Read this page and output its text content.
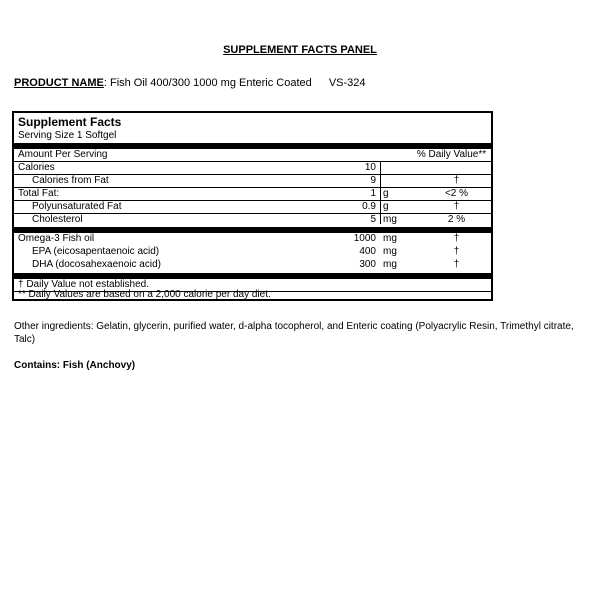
SUPPLEMENT FACTS PANEL
PRODUCT NAME: Fish Oil 400/300 1000 mg Enteric Coated VS-324
Supplement Facts
Serving Size 1 Softgel
Amount Per Serving	% Daily Value**
Calories	10
Calories from Fat	9	†
Total Fat:	1 g	<2 %
Polyunsaturated Fat	0.9 g	†
Cholesterol	5 mg	2 %
Omega-3 Fish oil	1000 mg	†
EPA (eicosapentaenoic acid)	400 mg	†
DHA (docosahexaenoic acid)	300 mg	†
† Daily Value not established.
** Daily Values are based on a 2,000 calorie per day diet.
Other ingredients: Gelatin, glycerin, purified water, d-alpha tocopherol, and Enteric coating (Polyacrylic Resin, Trimethyl citrate, Talc)
Contains: Fish (Anchovy)
